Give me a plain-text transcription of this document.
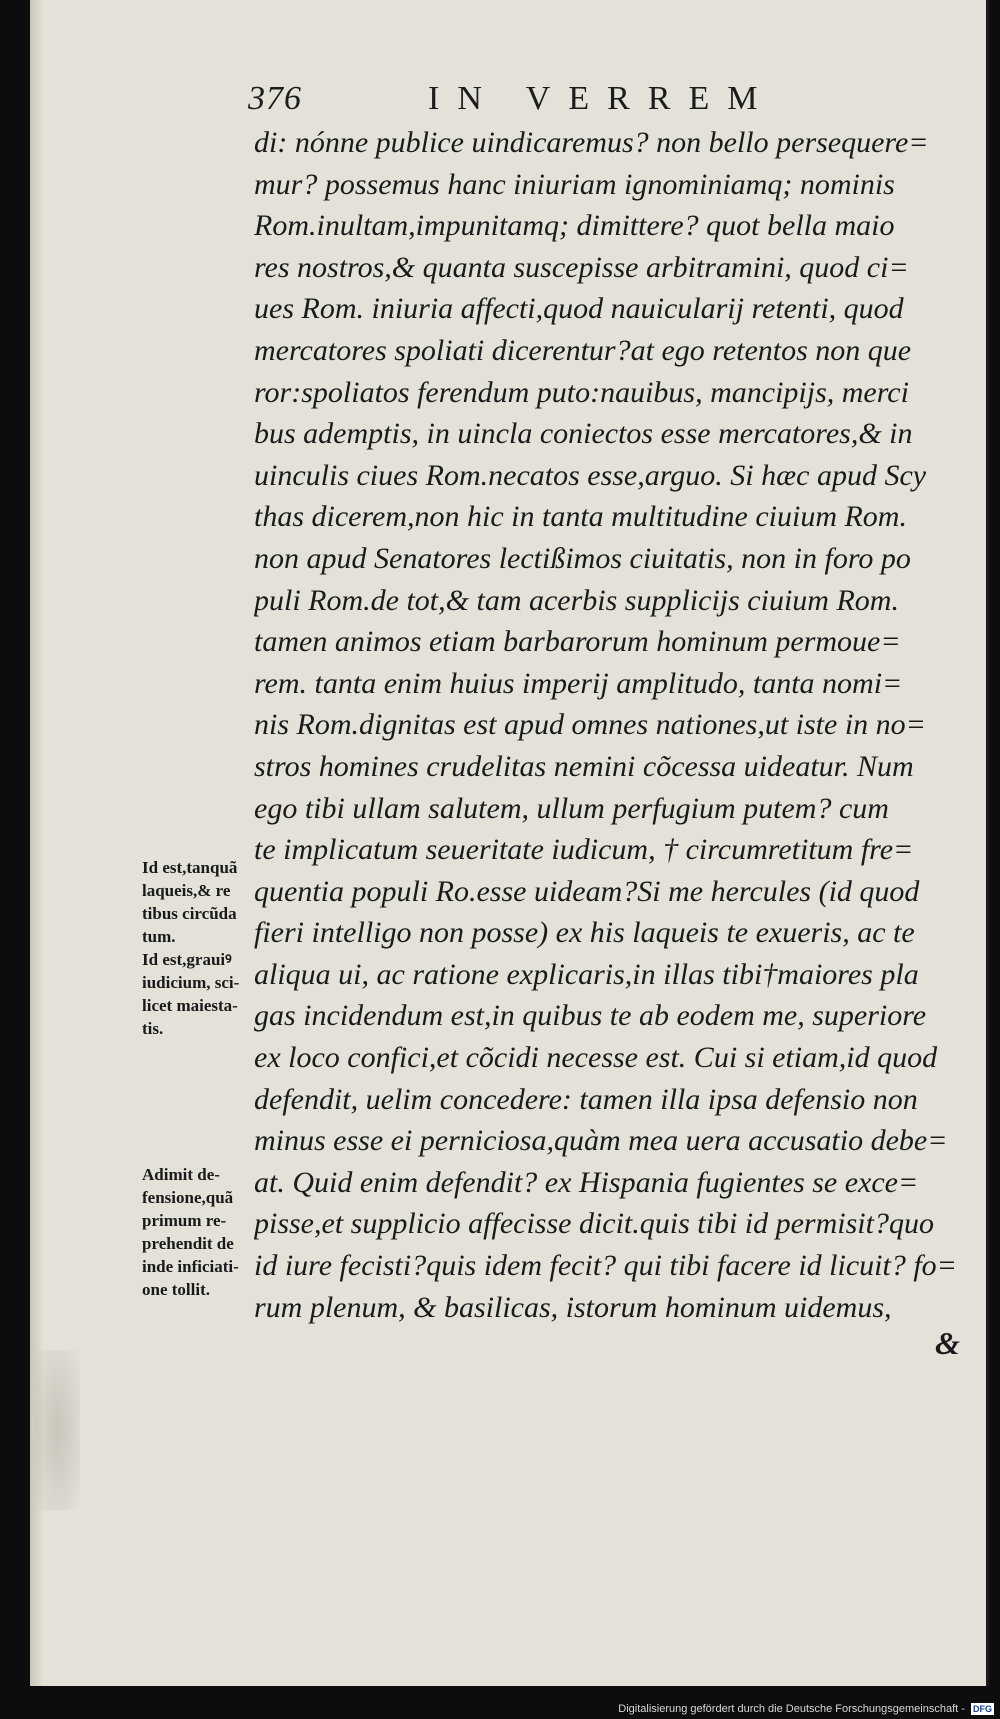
376	IN VERREM
di: nónne publice uindicaremus? non bello persequere=
mur? possemus hanc iniuriam ignominiamq; nominis
Rom.inultam,impunitamq; dimittere? quot bella maio
res nostros,& quanta suscepisse arbitramini, quod ci=
ues Rom. iniuria affecti,quod nauicularij retenti, quod
mercatores spoliati dicerentur?at ego retentos non que
ror:spoliatos ferendum puto:nauibus, mancipijs, merci
bus ademptis, in uincla coniectos esse mercatores,& in
uinculis ciues Rom.necatos esse,arguo. Si hæc apud Scy
thas dicerem,non hic in tanta multitudine ciuium Rom.
non apud Senatores lectißimos ciuitatis, non in foro po
puli Rom.de tot,& tam acerbis supplicijs ciuium Rom.
tamen animos etiam barbarorum hominum permoue=
rem. tanta enim huius imperij amplitudo, tanta nomi=
nis Rom.dignitas est apud omnes nationes,ut iste in no=
stros homines crudelitas nemini cõcessa uideatur. Num
ego tibi ullam salutem, ullum perfugium putem? cum
te implicatum seueritate iudicum, † circumretitum fre=
quentia populi Ro.esse uideam?Si me hercules (id quod
fieri intelligo non posse) ex his laqueis te exueris, ac te
aliqua ui, ac ratione explicaris,in illas tibi†maiores pla
gas incidendum est,in quibus te ab eodem me, superiore
ex loco confici,et cõcidi necesse est. Cui si etiam,id quod
defendit, uelim concedere: tamen illa ipsa defensio non
minus esse ei perniciosa,quàm mea uera accusatio debe=
at. Quid enim defendit? ex Hispania fugientes se exce=
pisse,et supplicio affecisse dicit.quis tibi id permisit?quo
id iure fecisti?quis idem fecit? qui tibi facere id licuit? fo=
rum plenum, & basilicas, istorum hominum uidemus,
&
Id est,tanquã
laqueis,& re
tibus circũda
tum.
Id est,grauiꝰ
iudicium, sci-
licet maiesta-
tis.
Adimit de-
fensione,quã
primum re-
prehendit de
inde inficiati-
one tollit.
Digitalisierung gefördert durch die Deutsche Forschungsgemeinschaft - DFG
